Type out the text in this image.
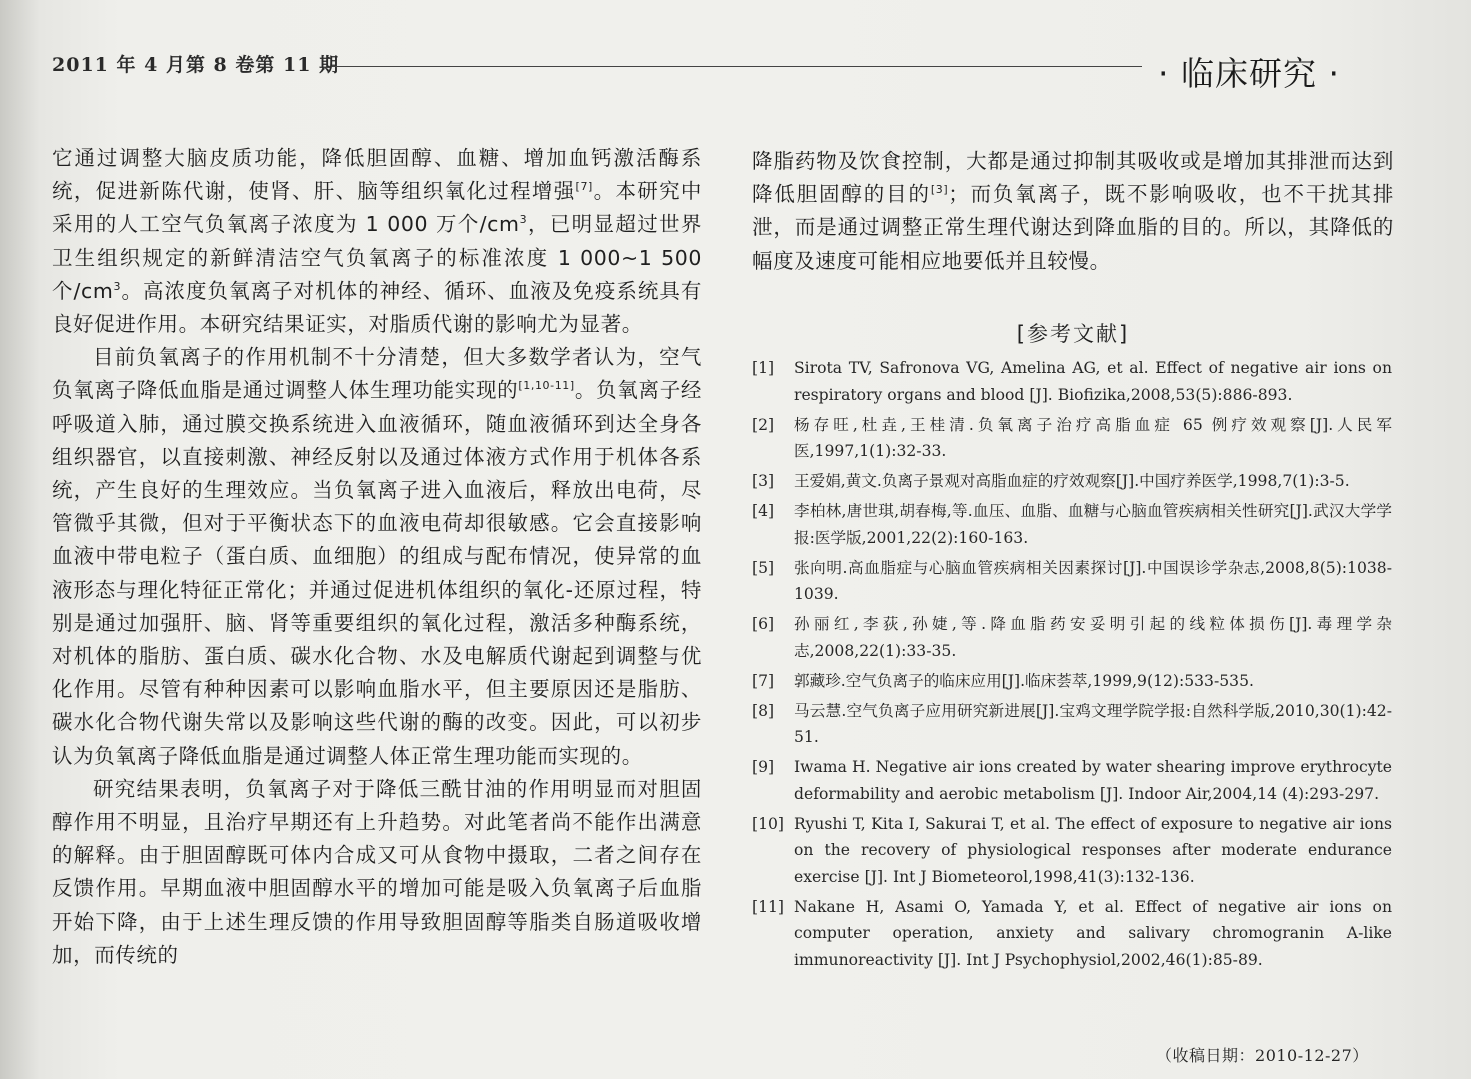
2011 年 4 月第 8 卷第 11 期	· 临床研究 ·

它通过调整大脑皮质功能，降低胆固醇、血糖、增加血钙激活酶系统，促进新陈代谢，使肾、肝、脑等组织氧化过程增强[7]。本研究中采用的人工空气负氧离子浓度为 1 000 万个$/cm^3$，已明显超过世界卫生组织规定的新鲜清洁空气负氧离子的标准浓度 1 000~1 500 个$/cm^3$。高浓度负氧离子对机体的神经、循环、血液及免疫系统具有良好促进作用。本研究结果证实，对脂质代谢的影响尤为显著。

目前负氧离子的作用机制不十分清楚，但大多数学者认为，空气负氧离子降低血脂是通过调整人体生理功能实现的[1,10-11]。负氧离子经呼吸道入肺，通过膜交换系统进入血液循环，随血液循环到达全身各组织器官，以直接刺激、神经反射以及通过体液方式作用于机体各系统，产生良好的生理效应。当负氧离子进入血液后，释放出电荷，尽管微乎其微，但对于平衡状态下的血液电荷却很敏感。它会直接影响血液中带电粒子（蛋白质、血细胞）的组成与配布情况，使异常的血液形态与理化特征正常化；并通过促进机体组织的氧化-还原过程，特别是通过加强肝、脑、肾等重要组织的氧化过程，激活多种酶系统，对机体的脂肪、蛋白质、碳水化合物、水及电解质代谢起到调整与优化作用。尽管有种种因素可以影响血脂水平，但主要原因还是脂肪、碳水化合物代谢失常以及影响这些代谢的酶的改变。因此，可以初步认为负氧离子降低血脂是通过调整人体正常生理功能而实现的。

研究结果表明，负氧离子对于降低三酰甘油的作用明显而对胆固醇作用不明显，且治疗早期还有上升趋势。对此笔者尚不能作出满意的解释。由于胆固醇既可体内合成又可从食物中摄取，二者之间存在反馈作用。早期血液中胆固醇水平的增加可能是吸入负氧离子后血脂开始下降，由于上述生理反馈的作用导致胆固醇等脂类自肠道吸收增加，而传统的

降脂药物及饮食控制，大都是通过抑制其吸收或是增加其排泄而达到降低胆固醇的目的[3]；而负氧离子，既不影响吸收，也不干扰其排泄，而是通过调整正常生理代谢达到降血脂的目的。所以，其降低的幅度及速度可能相应地要低并且较慢。

[参考文献]
[1]	Sirota TV, Safronova VG, Amelina AG, et al. Effect of negative air ions on respiratory organs and blood [J]. Biofizika,2008,53(5):886-893.
[2]	杨存旺,杜垚,王桂清.负氧离子治疗高脂血症 65 例疗效观察[J].人民军医,1997,1(1):32-33.
[3]	王爱娟,黄文.负离子景观对高脂血症的疗效观察[J].中国疗养医学,1998,7(1):3-5.
[4]	李柏林,唐世琪,胡春梅,等.血压、血脂、血糖与心脑血管疾病相关性研究[J].武汉大学学报:医学版,2001,22(2):160-163.
[5]	张向明.高血脂症与心脑血管疾病相关因素探讨[J].中国误诊学杂志,2008,8(5):1038-1039.
[6]	孙丽红,李荻,孙婕,等.降血脂药安妥明引起的线粒体损伤[J].毒理学杂志,2008,22(1):33-35.
[7]	郭藏珍.空气负离子的临床应用[J].临床荟萃,1999,9(12):533-535.
[8]	马云慧.空气负离子应用研究新进展[J].宝鸡文理学院学报:自然科学版,2010,30(1):42-51.
[9]	Iwama H. Negative air ions created by water shearing improve erythrocyte deformability and aerobic metabolism [J]. Indoor Air,2004,14 (4):293-297.
[10] Ryushi T, Kita I, Sakurai T, et al. The effect of exposure to negative air ions on the recovery of physiological responses after moderate endurance exercise [J]. Int J Biometeorol,1998,41(3):132-136.
[11] Nakane H, Asami O, Yamada Y, et al. Effect of negative air ions on computer operation, anxiety and salivary chromogranin A-like immunoreactivity [J]. Int J Psychophysiol,2002,46(1):85-89.
（收稿日期：2010-12-27）
